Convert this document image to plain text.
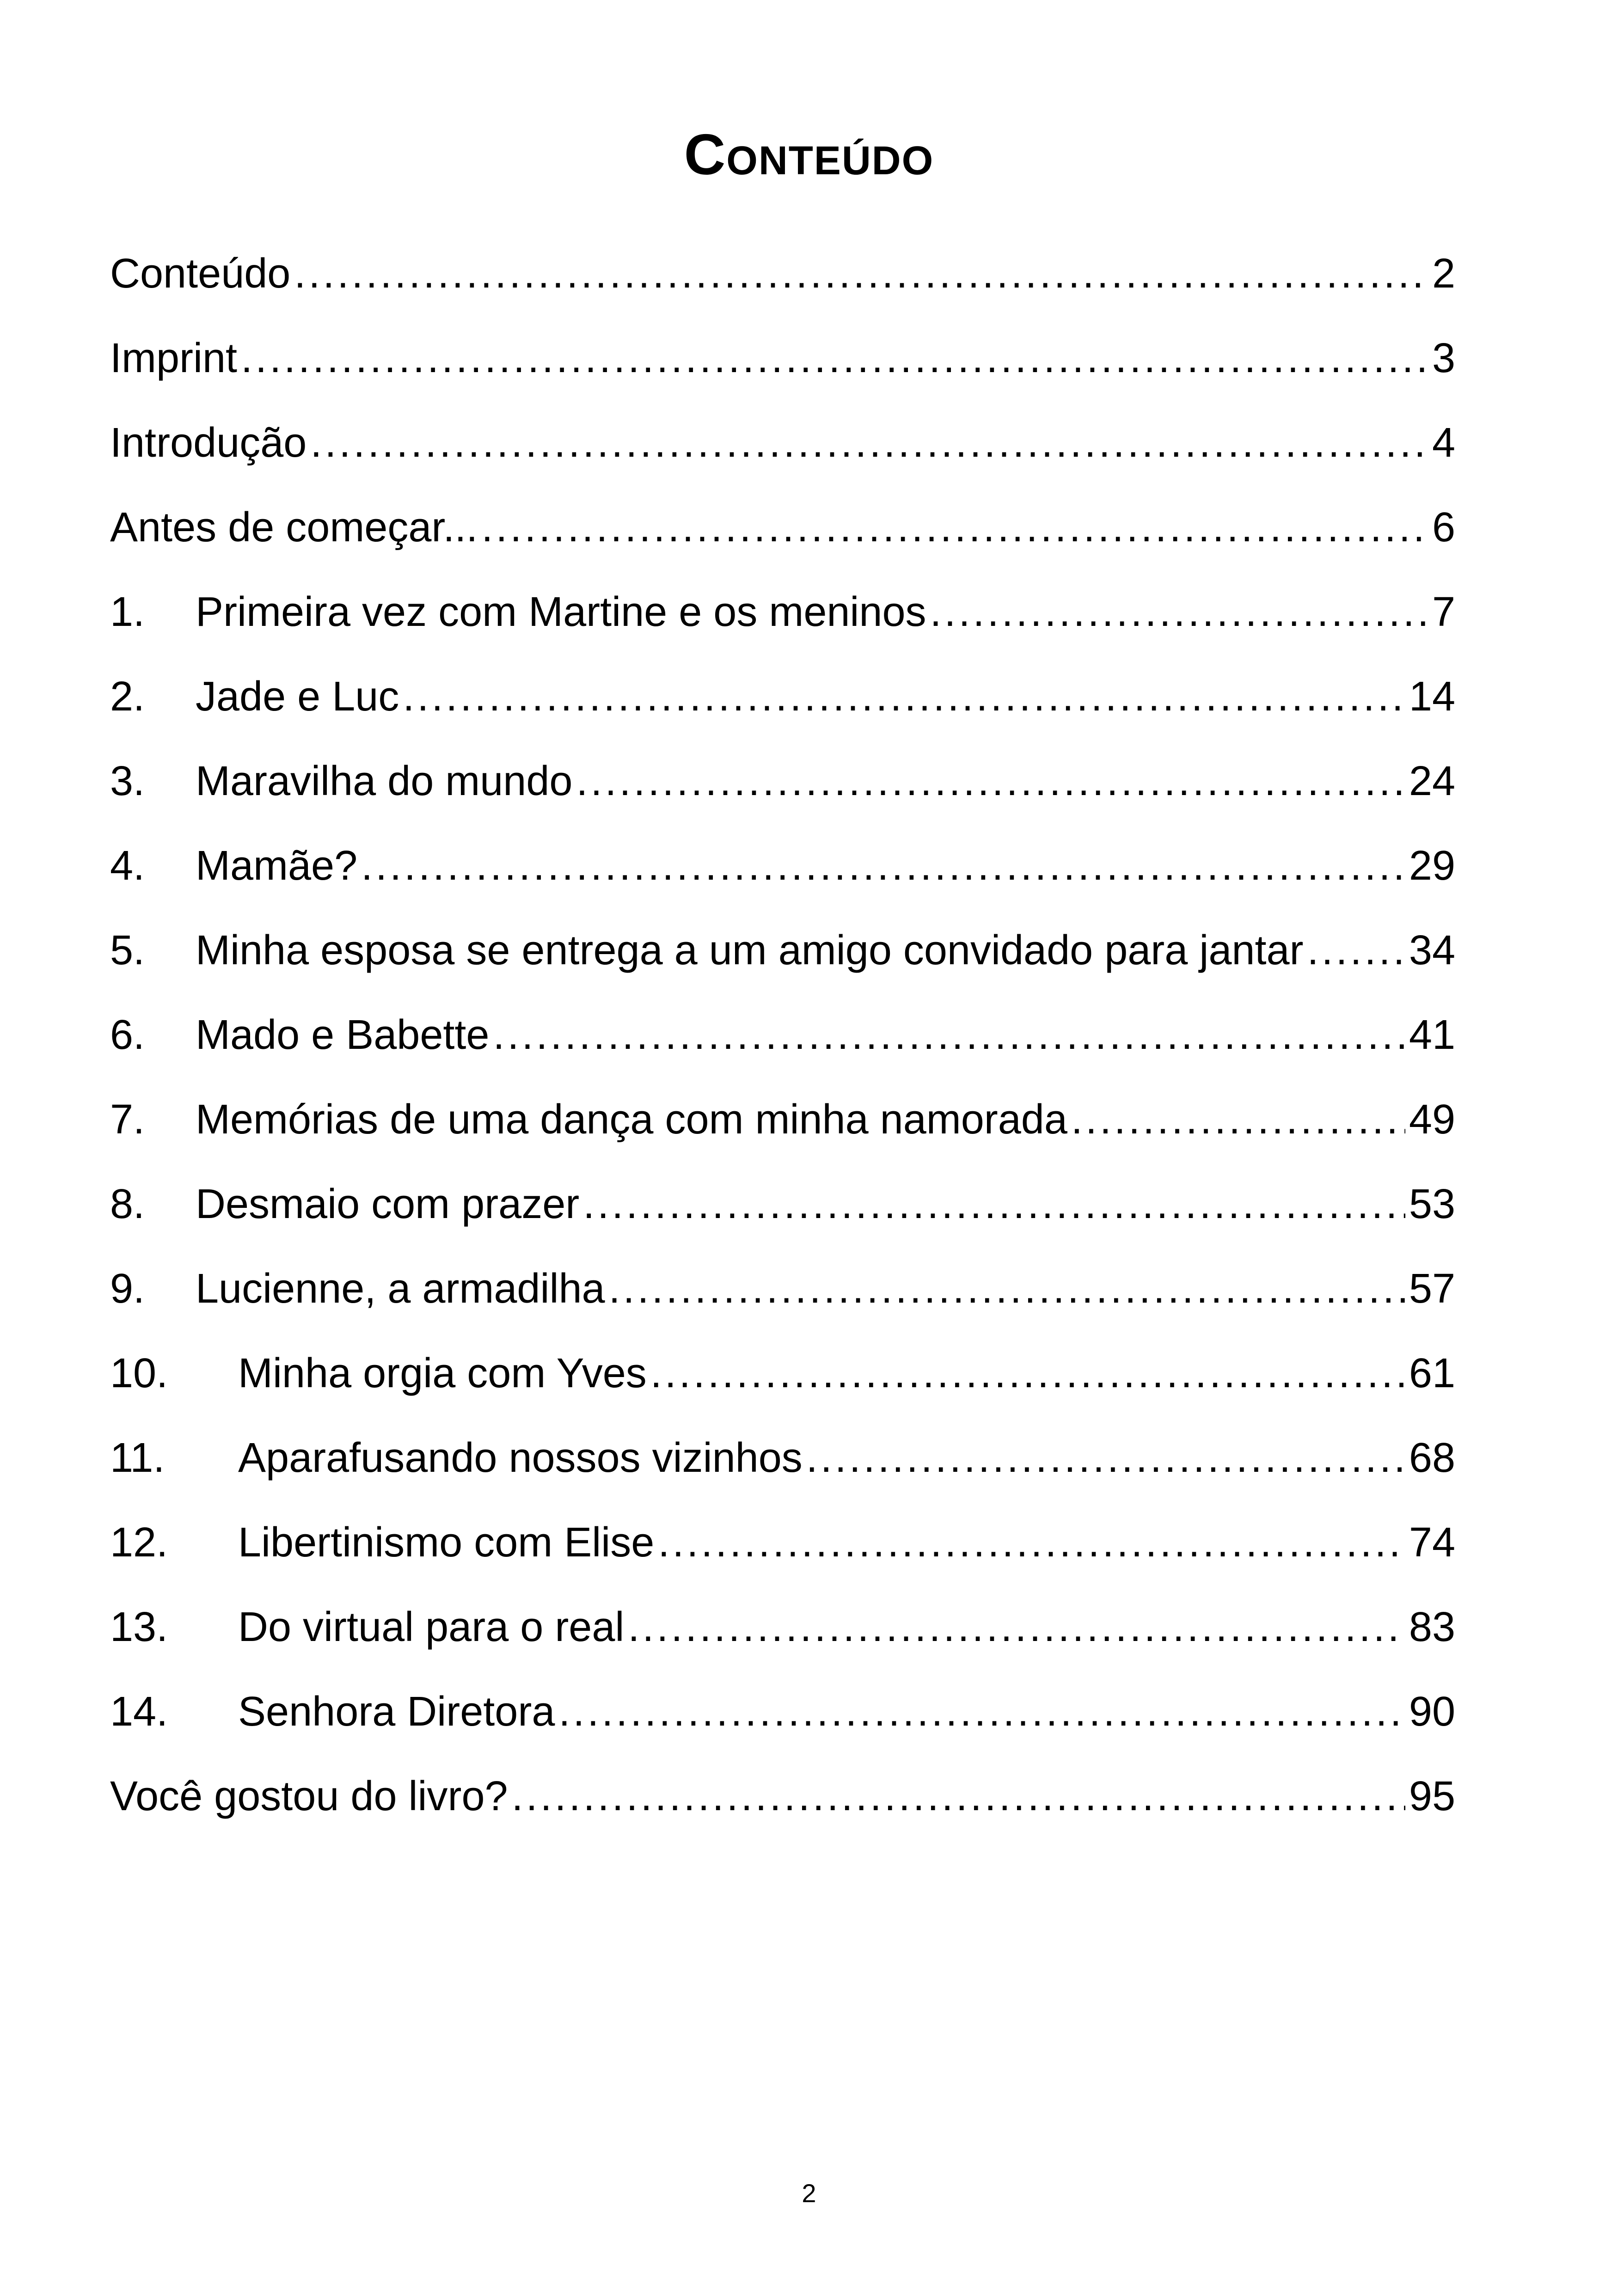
Conteúdo
Conteúdo .....	2
Imprint .....	3
Introdução .....	4
Antes de começar... .....	6
1.	Primeira vez com Martine e os meninos .....	7
2.	Jade e Luc .....	14
3.	Maravilha do mundo .....	24
4.	Mamãe? .....	29
5.	Minha esposa se entrega a um amigo convidado para jantar .....	34
6.	Mado e Babette .....	41
7.	Memórias de uma dança com minha namorada .....	49
8.	Desmaio com prazer .....	53
9.	Lucienne, a armadilha .....	57
10.	Minha orgia com Yves .....	61
11.	Aparafusando nossos vizinhos .....	68
12.	Libertinismo com Elise .....	74
13.	Do virtual para o real .....	83
14.	Senhora Diretora .....	90
Você gostou do livro? .....	95
2
